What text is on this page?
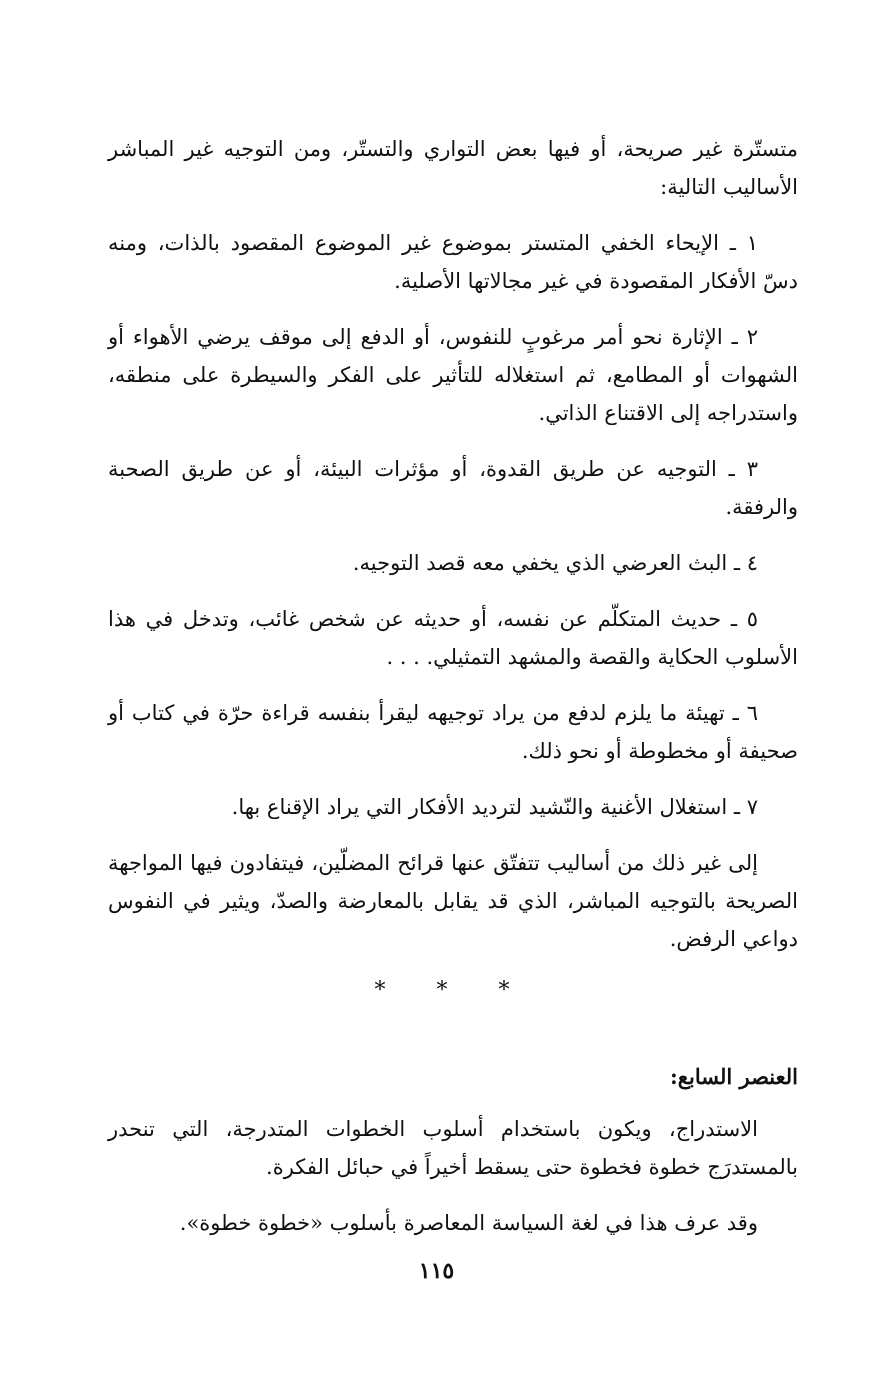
متستّرة غير صريحة، أو فيها بعض التواري والتستّر، ومن التوجيه غير المباشر الأساليب التالية:

١ ـ الإيحاء الخفي المتستر بموضوع غير الموضوع المقصود بالذات، ومنه دسّ الأفكار المقصودة في غير مجالاتها الأصلية.

٢ ـ الإثارة نحو أمر مرغوبٍ للنفوس، أو الدفع إلى موقف يرضي الأهواء أو الشهوات أو المطامع، ثم استغلاله للتأثير على الفكر والسيطرة على منطقه، واستدراجه إلى الاقتناع الذاتي.

٣ ـ التوجيه عن طريق القدوة، أو مؤثرات البيئة، أو عن طريق الصحبة والرفقة.

٤ ـ البث العرضي الذي يخفي معه قصد التوجيه.

٥ ـ حديث المتكلّم عن نفسه، أو حديثه عن شخص غائب، وتدخل في هذا الأسلوب الحكاية والقصة والمشهد التمثيلي. . . .

٦ ـ تهيئة ما يلزم لدفع من يراد توجيهه ليقرأ بنفسه قراءة حرّة في كتاب أو صحيفة أو مخطوطة أو نحو ذلك.

٧ ـ استغلال الأغنية والنّشيد لترديد الأفكار التي يراد الإقناع بها.

إلى غير ذلك من أساليب تتفتّق عنها قرائح المضلّين، فيتفادون فيها المواجهة الصريحة بالتوجيه المباشر، الذي قد يقابل بالمعارضة والصدّ، ويثير في النفوس دواعي الرفض.

* * *
العنصر السابع:

الاستدراج، ويكون باستخدام أسلوب الخطوات المتدرجة، التي تنحدر بالمستدرَج خطوة فخطوة حتى يسقط أخيراً في حبائل الفكرة.

وقد عرف هذا في لغة السياسة المعاصرة بأسلوب «خطوة خطوة».

١١٥
